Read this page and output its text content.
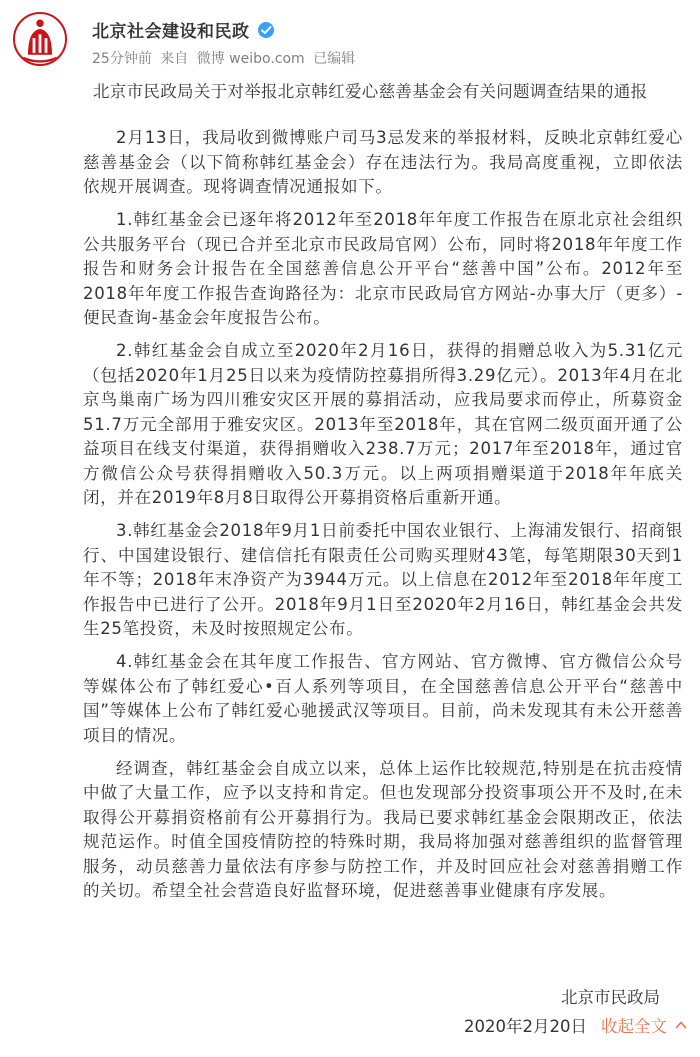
北京社会建设和民政
25分钟前 来自 微博 weibo.com 已编辑
北京市民政局关于对举报北京韩红爱心慈善基金会有关问题调查结果的通报

2月13日，我局收到微博账户司马3忌发来的举报材料，反映北京韩红爱心慈善基金会（以下简称韩红基金会）存在违法行为。我局高度重视，立即依法依规开展调查。现将调查情况通报如下。

1.韩红基金会已逐年将2012年至2018年年度工作报告在原北京社会组织公共服务平台（现已合并至北京市民政局官网）公布，同时将2018年年度工作报告和财务会计报告在全国慈善信息公开平台“慈善中国”公布。2012年至2018年年度工作报告查询路径为：北京市民政局官方网站-办事大厅（更多）-便民查询-基金会年度报告公布。

2.韩红基金会自成立至2020年2月16日，获得的捐赠总收入为5.31亿元（包括2020年1月25日以来为疫情防控募捐所得3.29亿元）。2013年4月在北京鸟巢南广场为四川雅安灾区开展的募捐活动，应我局要求而停止，所募资金51.7万元全部用于雅安灾区。2013年至2018年，其在官网二级页面开通了公益项目在线支付渠道，获得捐赠收入238.7万元；2017年至2018年，通过官方微信公众号获得捐赠收入50.3万元。以上两项捐赠渠道于2018年年底关闭，并在2019年8月8日取得公开募捐资格后重新开通。

3.韩红基金会2018年9月1日前委托中国农业银行、上海浦发银行、招商银行、中国建设银行、建信信托有限责任公司购买理财43笔，每笔期限30天到1年不等；2018年末净资产为3944万元。以上信息在2012年至2018年年度工作报告中已进行了公开。2018年9月1日至2020年2月16日，韩红基金会共发生25笔投资，未及时按照规定公布。

4.韩红基金会在其年度工作报告、官方网站、官方微博、官方微信公众号等媒体公布了韩红爱心•百人系列等项目，在全国慈善信息公开平台“慈善中国”等媒体上公布了韩红爱心驰援武汉等项目。目前，尚未发现其有未公开慈善项目的情况。

经调查，韩红基金会自成立以来，总体上运作比较规范,特别是在抗击疫情中做了大量工作，应予以支持和肯定。但也发现部分投资事项公开不及时,在未取得公开募捐资格前有公开募捐行为。我局已要求韩红基金会限期改正，依法规范运作。时值全国疫情防控的特殊时期，我局将加强对慈善组织的监督管理服务，动员慈善力量依法有序参与防控工作，并及时回应社会对慈善捐赠工作的关切。希望全社会营造良好监督环境，促进慈善事业健康有序发展。

北京市民政局
2020年2月20日 收起全文
